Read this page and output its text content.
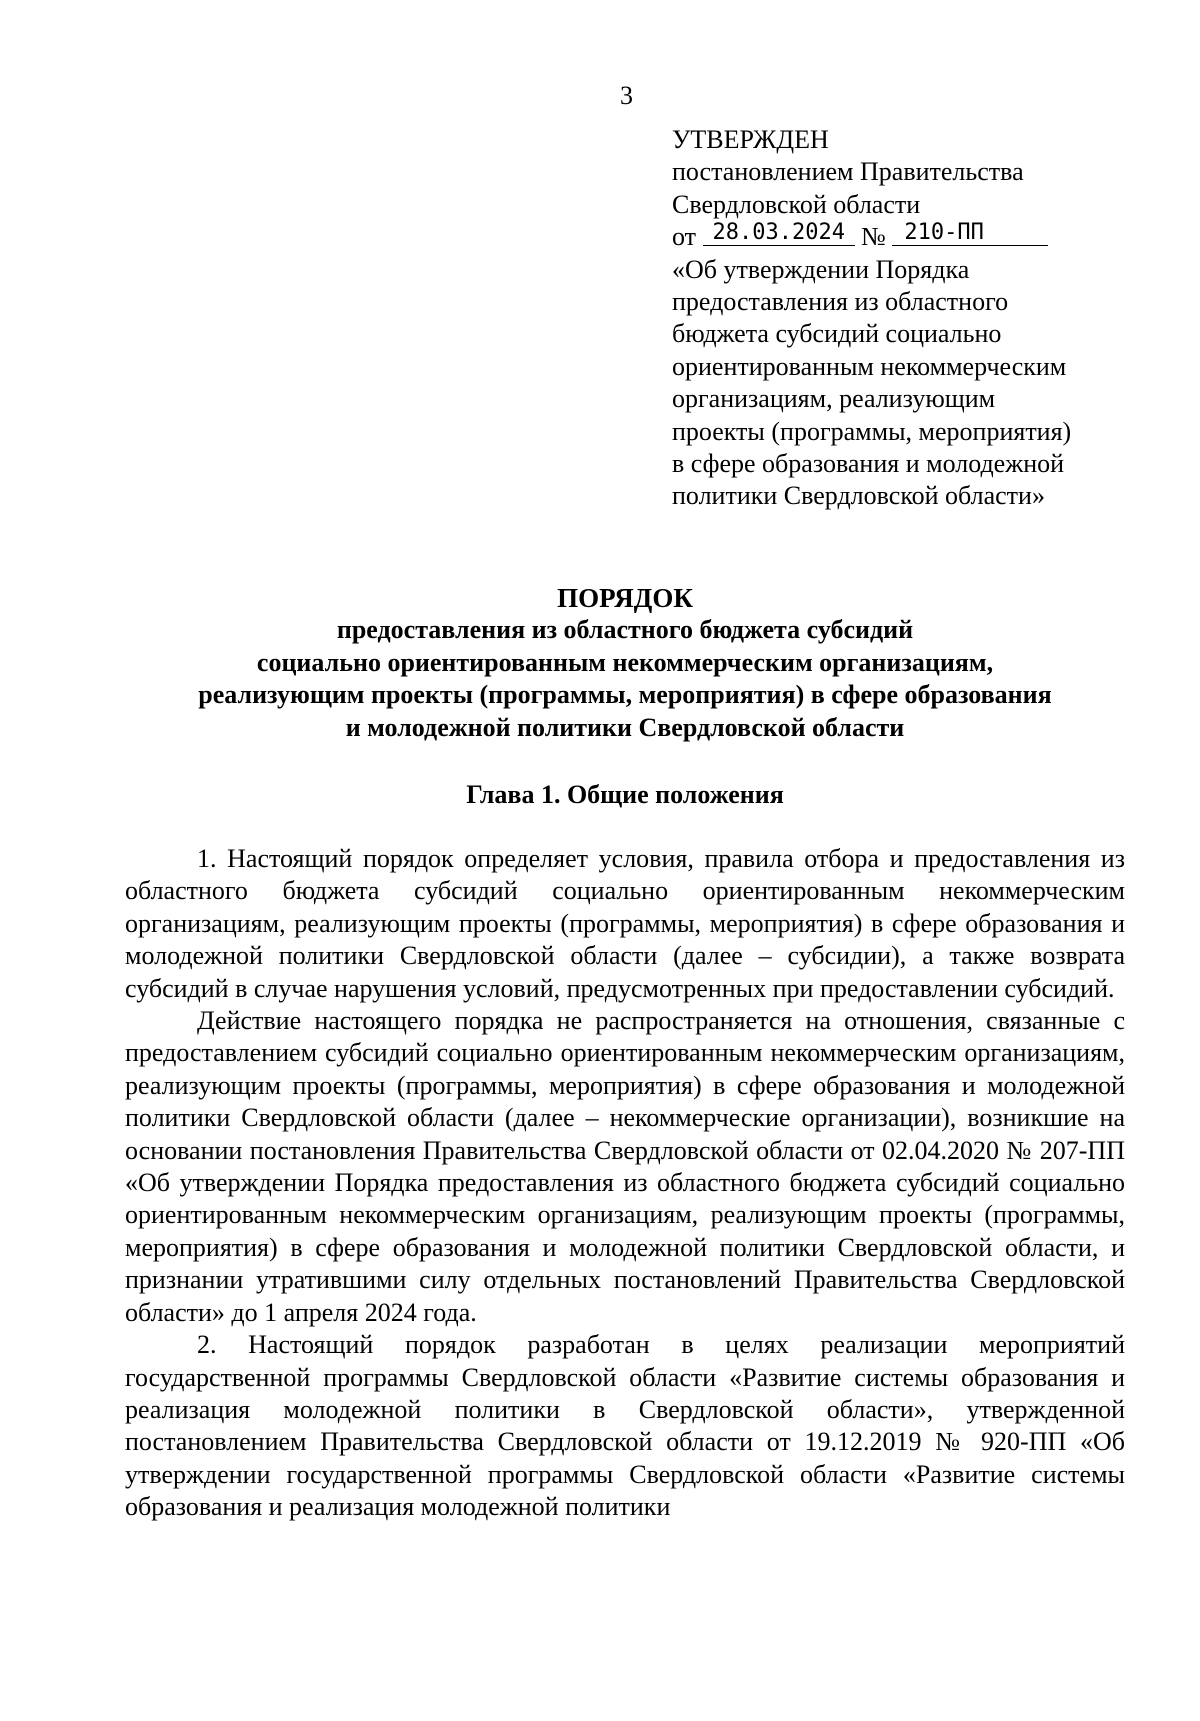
3
УТВЕРЖДЕН
постановлением Правительства
Свердловской области
от 28.03.2024 № 210-ПП
«Об утверждении Порядка
предоставления из областного
бюджета субсидий социально
ориентированным некоммерческим
организациям, реализующим
проекты (программы, мероприятия)
в сфере образования и молодежной
политики Свердловской области»
ПОРЯДОК
предоставления из областного бюджета субсидий
социально ориентированным некоммерческим организациям,
реализующим проекты (программы, мероприятия) в сфере образования
и молодежной политики Свердловской области
Глава 1. Общие положения

1. Настоящий порядок определяет условия, правила отбора и предоставления из областного бюджета субсидий социально ориентированным некоммерческим организациям, реализующим проекты (программы, мероприятия) в сфере образования и молодежной политики Свердловской области (далее – субсидии), а также возврата субсидий в случае нарушения условий, предусмотренных при предоставлении субсидий.

Действие настоящего порядка не распространяется на отношения, связанные с предоставлением субсидий социально ориентированным некоммерческим организациям, реализующим проекты (программы, мероприятия) в сфере образования и молодежной политики Свердловской области (далее – некоммерческие организации), возникшие на основании постановления Правительства Свердловской области от 02.04.2020 № 207-ПП «Об утверждении Порядка предоставления из областного бюджета субсидий социально ориентированным некоммерческим организациям, реализующим проекты (программы, мероприятия) в сфере образования и молодежной политики Свердловской области, и признании утратившими силу отдельных постановлений Правительства Свердловской области» до 1 апреля 2024 года.

2. Настоящий порядок разработан в целях реализации мероприятий государственной программы Свердловской области «Развитие системы образования и реализация молодежной политики в Свердловской области», утвержденной постановлением Правительства Свердловской области от 19.12.2019 № 920-ПП «Об утверждении государственной программы Свердловской области «Развитие системы образования и реализация молодежной политики
